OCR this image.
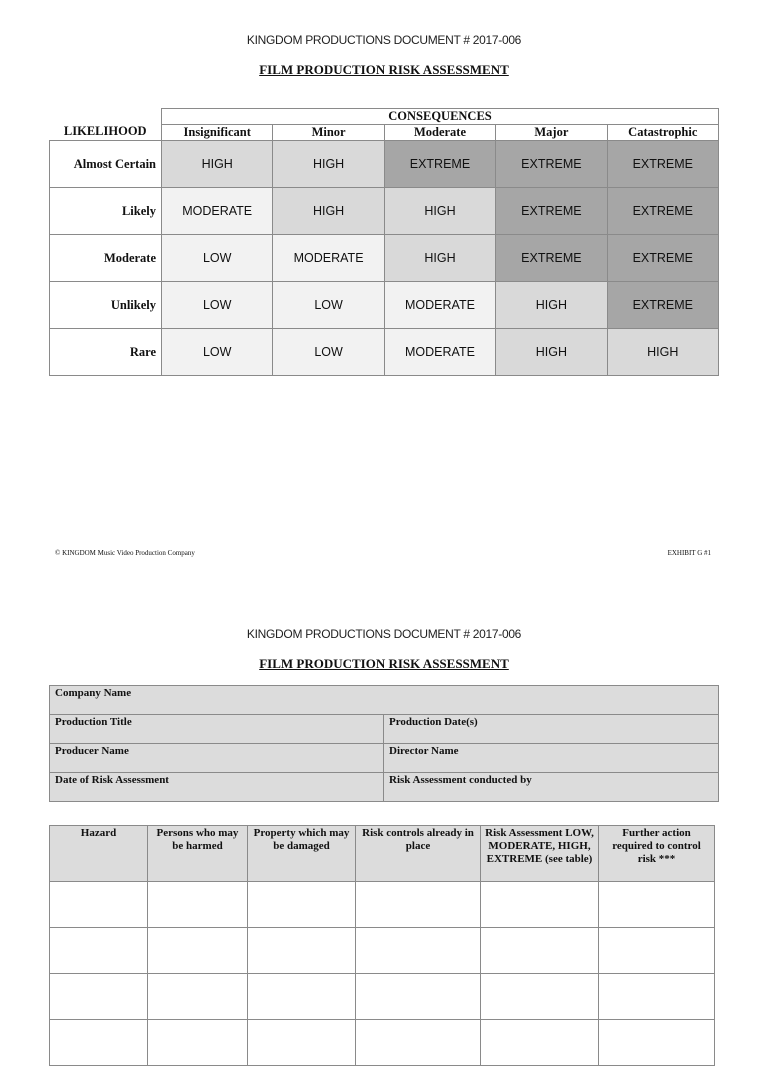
KINGDOM PRODUCTIONS DOCUMENT # 2017-006
FILM PRODUCTION RISK ASSESSMENT
LIKELIHOOD	CONSEQUENCES				
	Insignificant	Minor	Moderate	Major	Catastrophic
Almost Certain	HIGH	HIGH	EXTREME	EXTREME	EXTREME
Likely	MODERATE	HIGH	HIGH	EXTREME	EXTREME
Moderate	LOW	MODERATE	HIGH	EXTREME	EXTREME
Unlikely	LOW	LOW	MODERATE	HIGH	EXTREME
Rare	LOW	LOW	MODERATE	HIGH	HIGH
© KINGDOM Music Video Production Company	EXHIBIT G #1
KINGDOM PRODUCTIONS DOCUMENT # 2017-006
FILM PRODUCTION RISK ASSESSMENT
Company Name	
Production Title	Production Date(s)
Producer Name	Director Name
Date of Risk Assessment	Risk Assessment conducted by
Hazard	Persons who may be harmed	Property which may be damaged	Risk controls already in place	Risk Assessment LOW, MODERATE, HIGH, EXTREME (see table)	Further action required to control risk ***
